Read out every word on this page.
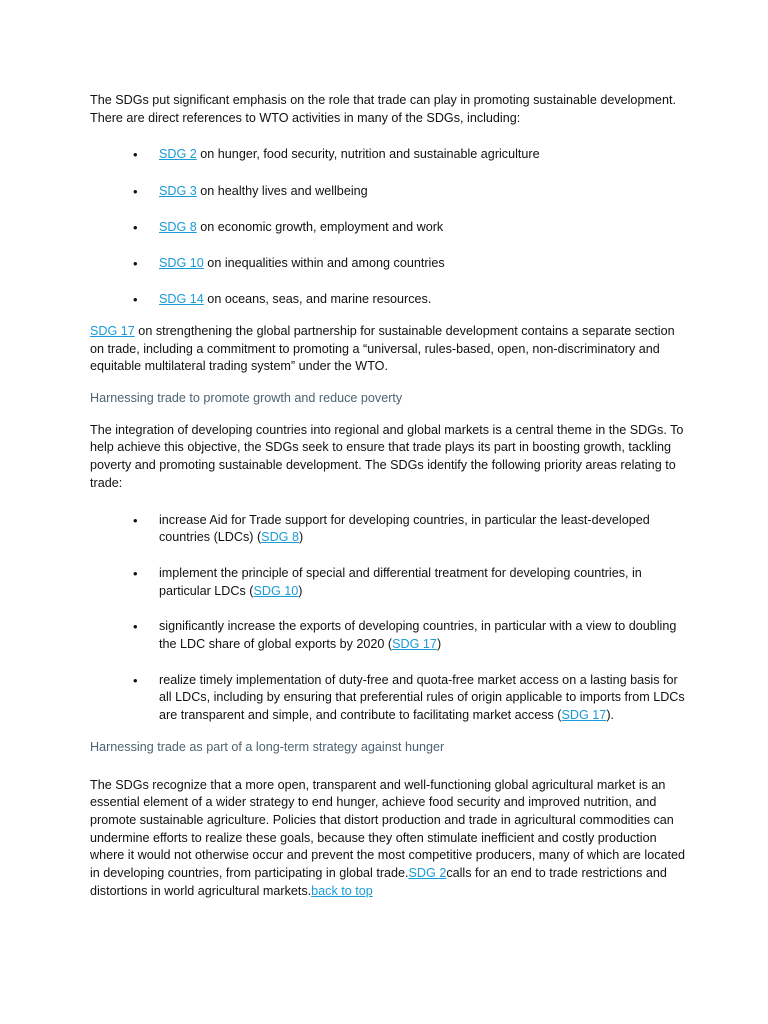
The SDGs put significant emphasis on the role that trade can play in promoting sustainable development. There are direct references to WTO activities in many of the SDGs, including:

• SDG 2 on hunger, food security, nutrition and sustainable agriculture
• SDG 3 on healthy lives and wellbeing
• SDG 8 on economic growth, employment and work
• SDG 10 on inequalities within and among countries
• SDG 14 on oceans, seas, and marine resources.

SDG 17 on strengthening the global partnership for sustainable development contains a separate section on trade, including a commitment to promoting a “universal, rules-based, open, non-discriminatory and equitable multilateral trading system” under the WTO.

Harnessing trade to promote growth and reduce poverty

The integration of developing countries into regional and global markets is a central theme in the SDGs. To help achieve this objective, the SDGs seek to ensure that trade plays its part in boosting growth, tackling poverty and promoting sustainable development. The SDGs identify the following priority areas relating to trade:

• increase Aid for Trade support for developing countries, in particular the least-developed countries (LDCs) (SDG 8)
• implement the principle of special and differential treatment for developing countries, in particular LDCs (SDG 10)
• significantly increase the exports of developing countries, in particular with a view to doubling the LDC share of global exports by 2020 (SDG 17)
• realize timely implementation of duty-free and quota-free market access on a lasting basis for all LDCs, including by ensuring that preferential rules of origin applicable to imports from LDCs are transparent and simple, and contribute to facilitating market access (SDG 17).

Harnessing trade as part of a long-term strategy against hunger

The SDGs recognize that a more open, transparent and well-functioning global agricultural market is an essential element of a wider strategy to end hunger, achieve food security and improved nutrition, and promote sustainable agriculture. Policies that distort production and trade in agricultural commodities can undermine efforts to realize these goals, because they often stimulate inefficient and costly production where it would not otherwise occur and prevent the most competitive producers, many of which are located in developing countries, from participating in global trade.SDG 2calls for an end to trade restrictions and distortions in world agricultural markets.back to top
